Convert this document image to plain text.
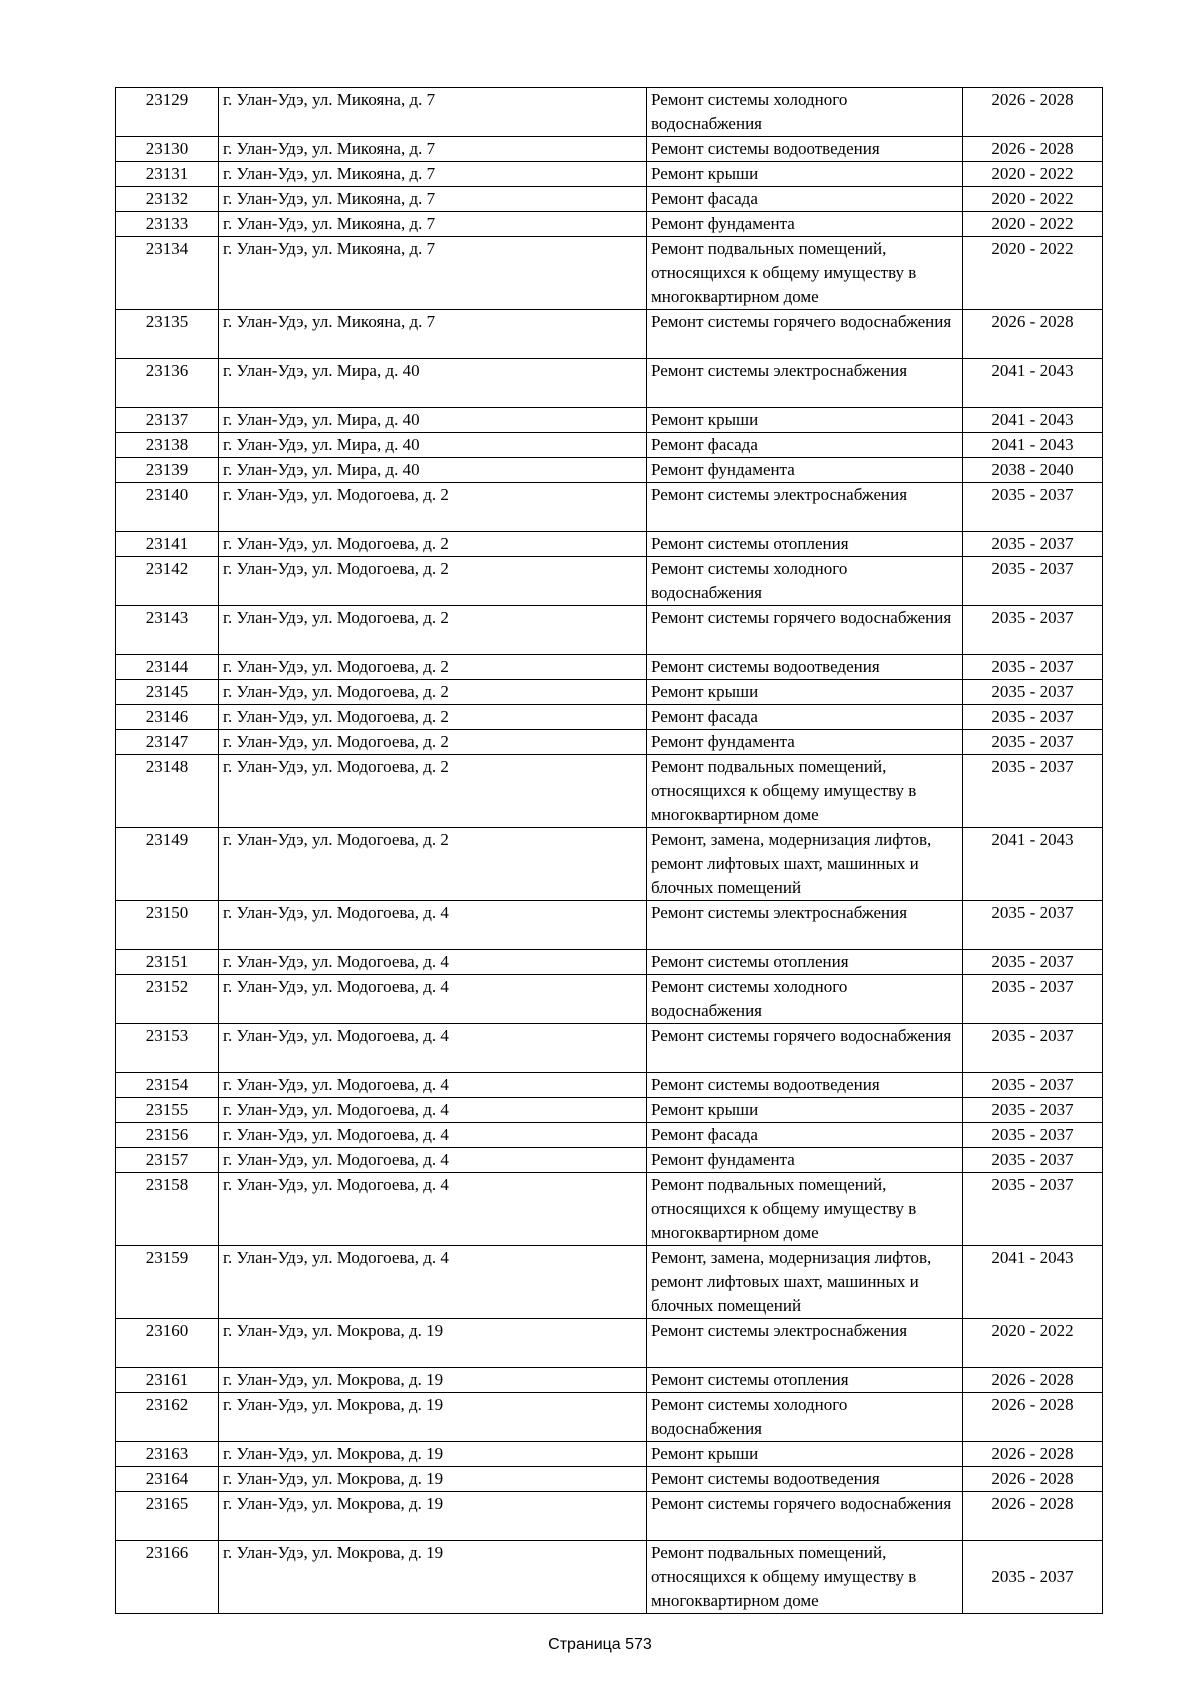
23129	г. Улан-Удэ, ул. Микояна, д. 7	Ремонт системы холодного водоснабжения	2026 - 2028
23130	г. Улан-Удэ, ул. Микояна, д. 7	Ремонт системы водоотведения	2026 - 2028
23131	г. Улан-Удэ, ул. Микояна, д. 7	Ремонт крыши	2020 - 2022
23132	г. Улан-Удэ, ул. Микояна, д. 7	Ремонт фасада	2020 - 2022
23133	г. Улан-Удэ, ул. Микояна, д. 7	Ремонт фундамента	2020 - 2022
23134	г. Улан-Удэ, ул. Микояна, д. 7	Ремонт подвальных помещений, относящихся к общему имуществу в многоквартирном доме	2020 - 2022
23135	г. Улан-Удэ, ул. Микояна, д. 7	Ремонт системы горячего водоснабжения	2026 - 2028
23136	г. Улан-Удэ, ул. Мира, д. 40	Ремонт системы электроснабжения	2041 - 2043
23137	г. Улан-Удэ, ул. Мира, д. 40	Ремонт крыши	2041 - 2043
23138	г. Улан-Удэ, ул. Мира, д. 40	Ремонт фасада	2041 - 2043
23139	г. Улан-Удэ, ул. Мира, д. 40	Ремонт фундамента	2038 - 2040
23140	г. Улан-Удэ, ул. Модогоева, д. 2	Ремонт системы электроснабжения	2035 - 2037
23141	г. Улан-Удэ, ул. Модогоева, д. 2	Ремонт системы отопления	2035 - 2037
23142	г. Улан-Удэ, ул. Модогоева, д. 2	Ремонт системы холодного водоснабжения	2035 - 2037
23143	г. Улан-Удэ, ул. Модогоева, д. 2	Ремонт системы горячего водоснабжения	2035 - 2037
23144	г. Улан-Удэ, ул. Модогоева, д. 2	Ремонт системы водоотведения	2035 - 2037
23145	г. Улан-Удэ, ул. Модогоева, д. 2	Ремонт крыши	2035 - 2037
23146	г. Улан-Удэ, ул. Модогоева, д. 2	Ремонт фасада	2035 - 2037
23147	г. Улан-Удэ, ул. Модогоева, д. 2	Ремонт фундамента	2035 - 2037
23148	г. Улан-Удэ, ул. Модогоева, д. 2	Ремонт подвальных помещений, относящихся к общему имуществу в многоквартирном доме	2035 - 2037
23149	г. Улан-Удэ, ул. Модогоева, д. 2	Ремонт, замена, модернизация лифтов, ремонт лифтовых шахт, машинных и блочных помещений	2041 - 2043
23150	г. Улан-Удэ, ул. Модогоева, д. 4	Ремонт системы электроснабжения	2035 - 2037
23151	г. Улан-Удэ, ул. Модогоева, д. 4	Ремонт системы отопления	2035 - 2037
23152	г. Улан-Удэ, ул. Модогоева, д. 4	Ремонт системы холодного водоснабжения	2035 - 2037
23153	г. Улан-Удэ, ул. Модогоева, д. 4	Ремонт системы горячего водоснабжения	2035 - 2037
23154	г. Улан-Удэ, ул. Модогоева, д. 4	Ремонт системы водоотведения	2035 - 2037
23155	г. Улан-Удэ, ул. Модогоева, д. 4	Ремонт крыши	2035 - 2037
23156	г. Улан-Удэ, ул. Модогоева, д. 4	Ремонт фасада	2035 - 2037
23157	г. Улан-Удэ, ул. Модогоева, д. 4	Ремонт фундамента	2035 - 2037
23158	г. Улан-Удэ, ул. Модогоева, д. 4	Ремонт подвальных помещений, относящихся к общему имуществу в многоквартирном доме	2035 - 2037
23159	г. Улан-Удэ, ул. Модогоева, д. 4	Ремонт, замена, модернизация лифтов, ремонт лифтовых шахт, машинных и блочных помещений	2041 - 2043
23160	г. Улан-Удэ, ул. Мокрова, д. 19	Ремонт системы электроснабжения	2020 - 2022
23161	г. Улан-Удэ, ул. Мокрова, д. 19	Ремонт системы отопления	2026 - 2028
23162	г. Улан-Удэ, ул. Мокрова, д. 19	Ремонт системы холодного водоснабжения	2026 - 2028
23163	г. Улан-Удэ, ул. Мокрова, д. 19	Ремонт крыши	2026 - 2028
23164	г. Улан-Удэ, ул. Мокрова, д. 19	Ремонт системы водоотведения	2026 - 2028
23165	г. Улан-Удэ, ул. Мокрова, д. 19	Ремонт системы горячего водоснабжения	2026 - 2028
23166	г. Улан-Удэ, ул. Мокрова, д. 19	Ремонт подвальных помещений, относящихся к общему имуществу в многоквартирном доме	2035 - 2037
Страница 573
